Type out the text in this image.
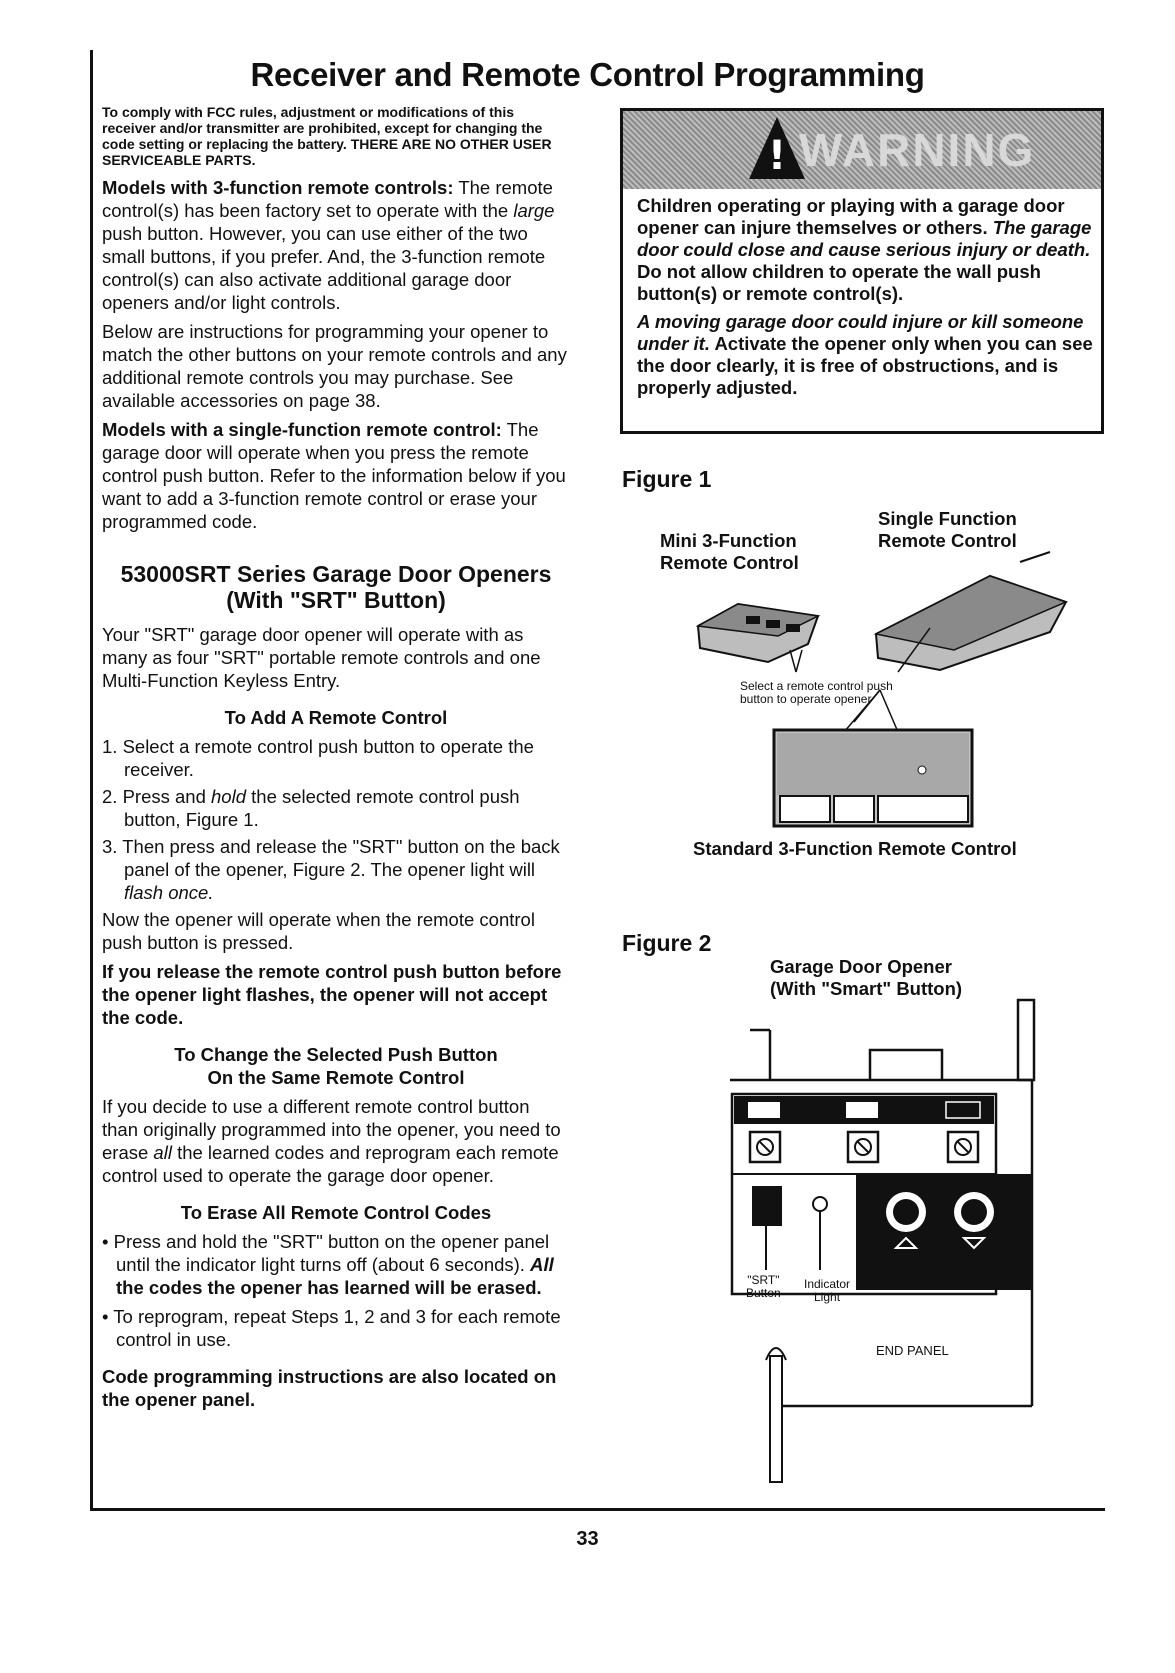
Receiver and Remote Control Programming

To comply with FCC rules, adjustment or modifications of this receiver and/or transmitter are prohibited, except for changing the code setting or replacing the battery. THERE ARE NO OTHER USER SERVICEABLE PARTS.

Models with 3-function remote controls: The remote control(s) has been factory set to operate with the large push button. However, you can use either of the two small buttons, if you prefer. And, the 3-function remote control(s) can also activate additional garage door openers and/or light controls.

Below are instructions for programming your opener to match the other buttons on your remote controls and any additional remote controls you may purchase. See available accessories on page 38.

Models with a single-function remote control: The garage door will operate when you press the remote control push button. Refer to the information below if you want to add a 3-function remote control or erase your programmed code.

53000SRT Series Garage Door Openers
(With "SRT" Button)

Your "SRT" garage door opener will operate with as many as four "SRT" portable remote controls and one Multi-Function Keyless Entry.

To Add A Remote Control

1. Select a remote control push button to operate the receiver.

2. Press and hold the selected remote control push button, Figure 1.

3. Then press and release the "SRT" button on the back panel of the opener, Figure 2. The opener light will flash once.

Now the opener will operate when the remote control push button is pressed.

If you release the remote control push button before the opener light flashes, the opener will not accept the code.

To Change the Selected Push Button
On the Same Remote Control

If you decide to use a different remote control button than originally programmed into the opener, you need to erase all the learned codes and reprogram each remote control used to operate the garage door opener.

To Erase All Remote Control Codes

• Press and hold the "SRT" button on the opener panel until the indicator light turns off (about 6 seconds). All the codes the opener has learned will be erased.

• To reprogram, repeat Steps 1, 2 and 3 for each remote control in use.

Code programming instructions are also located on the opener panel.

! WARNING

Children operating or playing with a garage door opener can injure themselves or others. The garage door could close and cause serious injury or death. Do not allow children to operate the wall push button(s) or remote control(s).

A moving garage door could injure or kill someone under it. Activate the opener only when you can see the door clearly, it is free of obstructions, and is properly adjusted.

Figure 1
Mini 3-Function
Remote Control
Single Function
Remote Control
Select a remote control push
button to operate opener
Standard 3-Function Remote Control
Figure 2
Garage Door Opener
(With "Smart" Button)
"SRT"
Button
Indicator
Light
END PANEL
33
